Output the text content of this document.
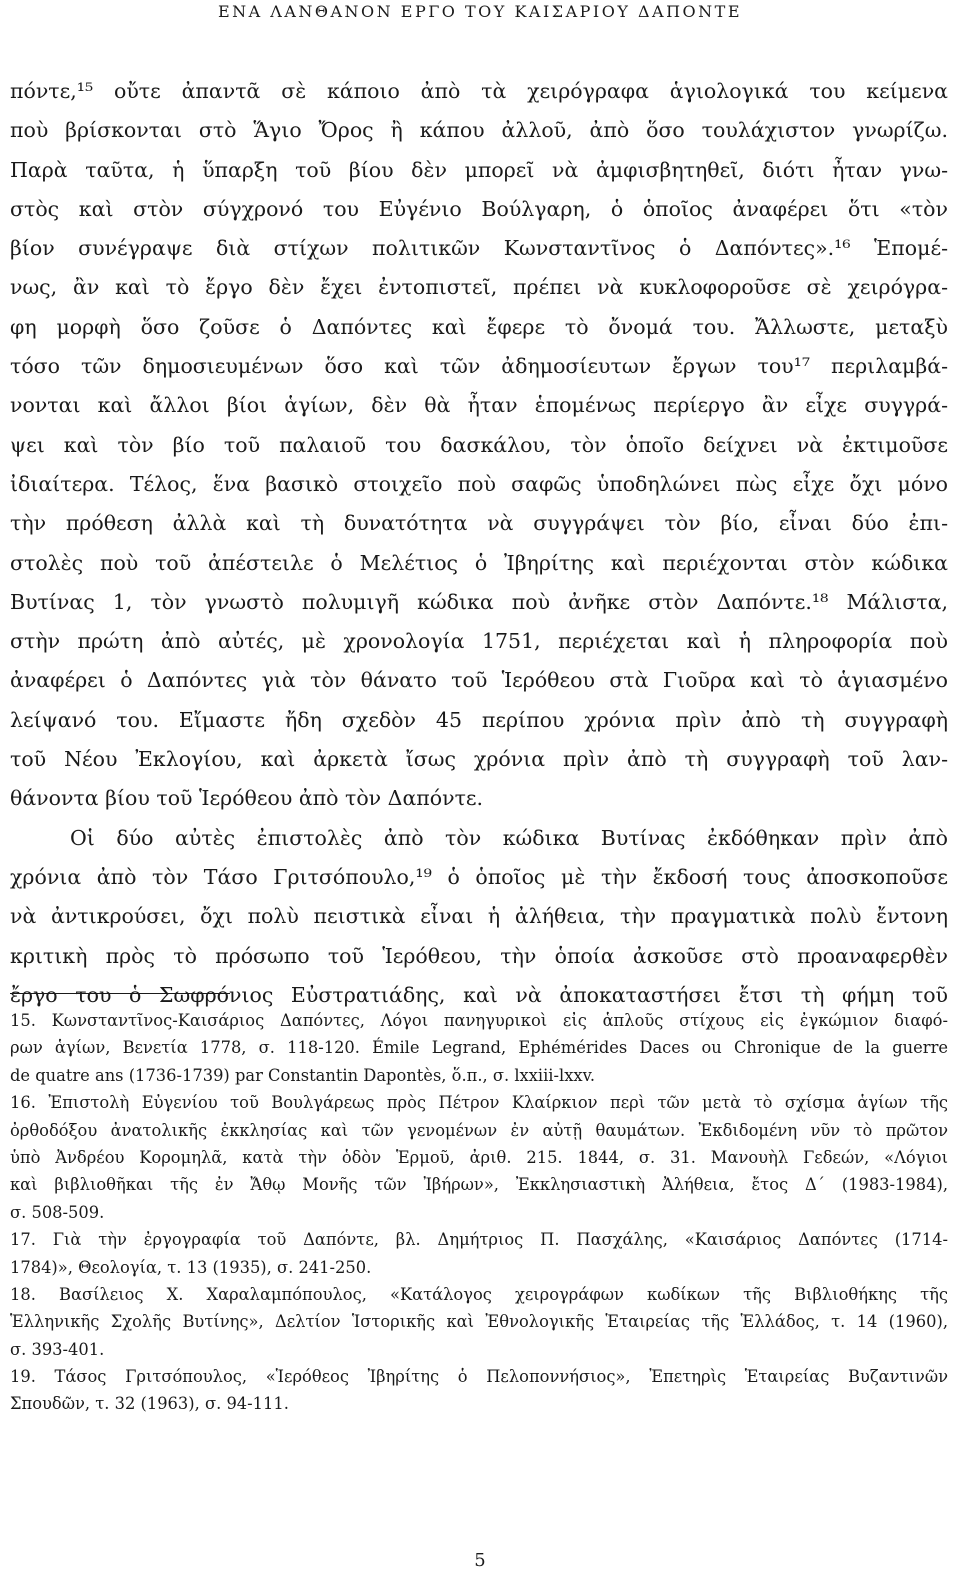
ΕΝΑ ΛΑΝΘΑΝΟΝ ΕΡΓΟ ΤΟΥ ΚΑΙΣΑΡΙΟΥ ΔΑΠΟΝΤΕ
πόντε,¹⁵ οὔτε ἀπαντᾶ σὲ κάποιο ἀπὸ τὰ χειρόγραφα ἁγιολογικά του κείμενα
ποὺ βρίσκονται στὸ Ἅγιο Ὄρος ἢ κάπου ἀλλοῦ, ἀπὸ ὅσο τουλάχιστον γνωρίζω.
Παρὰ ταῦτα, ἡ ὕπαρξη τοῦ βίου δὲν μπορεῖ νὰ ἀμφισβητηθεῖ, διότι ἦταν γνω-
στὸς καὶ στὸν σύγχρονό του Εὐγένιο Βούλγαρη, ὁ ὁποῖος ἀναφέρει ὅτι «τὸν
βίον συνέγραψε διὰ στίχων πολιτικῶν Κωνσταντῖνος ὁ Δαπόντες».¹⁶ Ἑπομέ-
νως, ἂν καὶ τὸ ἔργο δὲν ἔχει ἐντοπιστεῖ, πρέπει νὰ κυκλοφοροῦσε σὲ χειρόγρα-
φη μορφὴ ὅσο ζοῦσε ὁ Δαπόντες καὶ ἔφερε τὸ ὄνομά του. Ἄλλωστε, μεταξὺ
τόσο τῶν δημοσιευμένων ὅσο καὶ τῶν ἀδημοσίευτων ἔργων του¹⁷ περιλαμβά-
νονται καὶ ἄλλοι βίοι ἁγίων, δὲν θὰ ἦταν ἑπομένως περίεργο ἂν εἶχε συγγρά-
ψει καὶ τὸν βίο τοῦ παλαιοῦ του δασκάλου, τὸν ὁποῖο δείχνει νὰ ἐκτιμοῦσε
ἰδιαίτερα. Τέλος, ἕνα βασικὸ στοιχεῖο ποὺ σαφῶς ὑποδηλώνει πὼς εἶχε ὄχι μόνο
τὴν πρόθεση ἀλλὰ καὶ τὴ δυνατότητα νὰ συγγράψει τὸν βίο, εἶναι δύο ἐπι-
στολὲς ποὺ τοῦ ἀπέστειλε ὁ Μελέτιος ὁ Ἰβηρίτης καὶ περιέχονται στὸν κώδικα
Βυτίνας 1, τὸν γνωστὸ πολυμιγῆ κώδικα ποὺ ἀνῆκε στὸν Δαπόντε.¹⁸ Μάλιστα,
στὴν πρώτη ἀπὸ αὐτές, μὲ χρονολογία 1751, περιέχεται καὶ ἡ πληροφορία ποὺ
ἀναφέρει ὁ Δαπόντες γιὰ τὸν θάνατο τοῦ Ἱερόθεου στὰ Γιοῦρα καὶ τὸ ἁγιασμένο
λείψανό του. Εἴμαστε ἤδη σχεδὸν 45 περίπου χρόνια πρὶν ἀπὸ τὴ συγγραφὴ
τοῦ Νέου Ἐκλογίου, καὶ ἀρκετὰ ἴσως χρόνια πρὶν ἀπὸ τὴ συγγραφὴ τοῦ λαν-
θάνοντα βίου τοῦ Ἱερόθεου ἀπὸ τὸν Δαπόντε.
Οἱ δύο αὐτὲς ἐπιστολὲς ἀπὸ τὸν κώδικα Βυτίνας ἐκδόθηκαν πρὶν ἀπὸ
χρόνια ἀπὸ τὸν Τάσο Γριτσόπουλο,¹⁹ ὁ ὁποῖος μὲ τὴν ἔκδοσή τους ἀποσκοποῦσε
νὰ ἀντικρούσει, ὄχι πολὺ πειστικὰ εἶναι ἡ ἀλήθεια, τὴν πραγματικὰ πολὺ ἔντονη
κριτικὴ πρὸς τὸ πρόσωπο τοῦ Ἱερόθεου, τὴν ὁποία ἀσκοῦσε στὸ προαναφερθὲν
ἔργο του ὁ Σωφρόνιος Εὐστρατιάδης, καὶ νὰ ἀποκαταστήσει ἔτσι τὴ φήμη τοῦ
15. Κωνσταντῖνος-Καισάριος Δαπόντες, Λόγοι πανηγυρικοὶ εἰς ἁπλοῦς στίχους εἰς ἐγκώμιον διαφό-
ρων ἁγίων, Βενετία 1778, σ. 118-120. Émile Legrand, Ephémérides Daces ou Chronique de la guerre
de quatre ans (1736-1739) par Constantin Dapontès, ὅ.π., σ. lxxiii-lxxv.
16. Ἐπιστολὴ Εὐγενίου τοῦ Βουλγάρεως πρὸς Πέτρον Κλαίρκιον περὶ τῶν μετὰ τὸ σχίσμα ἁγίων τῆς
ὀρθοδόξου ἀνατολικῆς ἐκκλησίας καὶ τῶν γενομένων ἐν αὐτῇ θαυμάτων. Ἐκδιδομένη νῦν τὸ πρῶτον
ὑπὸ Ἀνδρέου Κορομηλᾶ, κατὰ τὴν ὁδὸν Ἑρμοῦ, ἀριθ. 215. 1844, σ. 31. Μανουὴλ Γεδεών, «Λόγιοι
καὶ βιβλιοθῆκαι τῆς ἐν Ἄθῳ Μονῆς τῶν Ἰβήρων», Ἐκκλησιαστικὴ Ἀλήθεια, ἔτος Δ΄ (1983-1984),
σ. 508-509.
17. Γιὰ τὴν ἐργογραφία τοῦ Δαπόντε, βλ. Δημήτριος Π. Πασχάλης, «Καισάριος Δαπόντες (1714-
1784)», Θεολογία, τ. 13 (1935), σ. 241-250.
18. Βασίλειος Χ. Χαραλαμπόπουλος, «Κατάλογος χειρογράφων κωδίκων τῆς Βιβλιοθήκης τῆς
Ἑλληνικῆς Σχολῆς Βυτίνης», Δελτίον Ἱστορικῆς καὶ Ἐθνολογικῆς Ἑταιρείας τῆς Ἑλλάδος, τ. 14 (1960),
σ. 393-401.
19. Τάσος Γριτσόπουλος, «Ἱερόθεος Ἰβηρίτης ὁ Πελοποννήσιος», Ἐπετηρὶς Ἑταιρείας Βυζαντινῶν
Σπουδῶν, τ. 32 (1963), σ. 94-111.
5
